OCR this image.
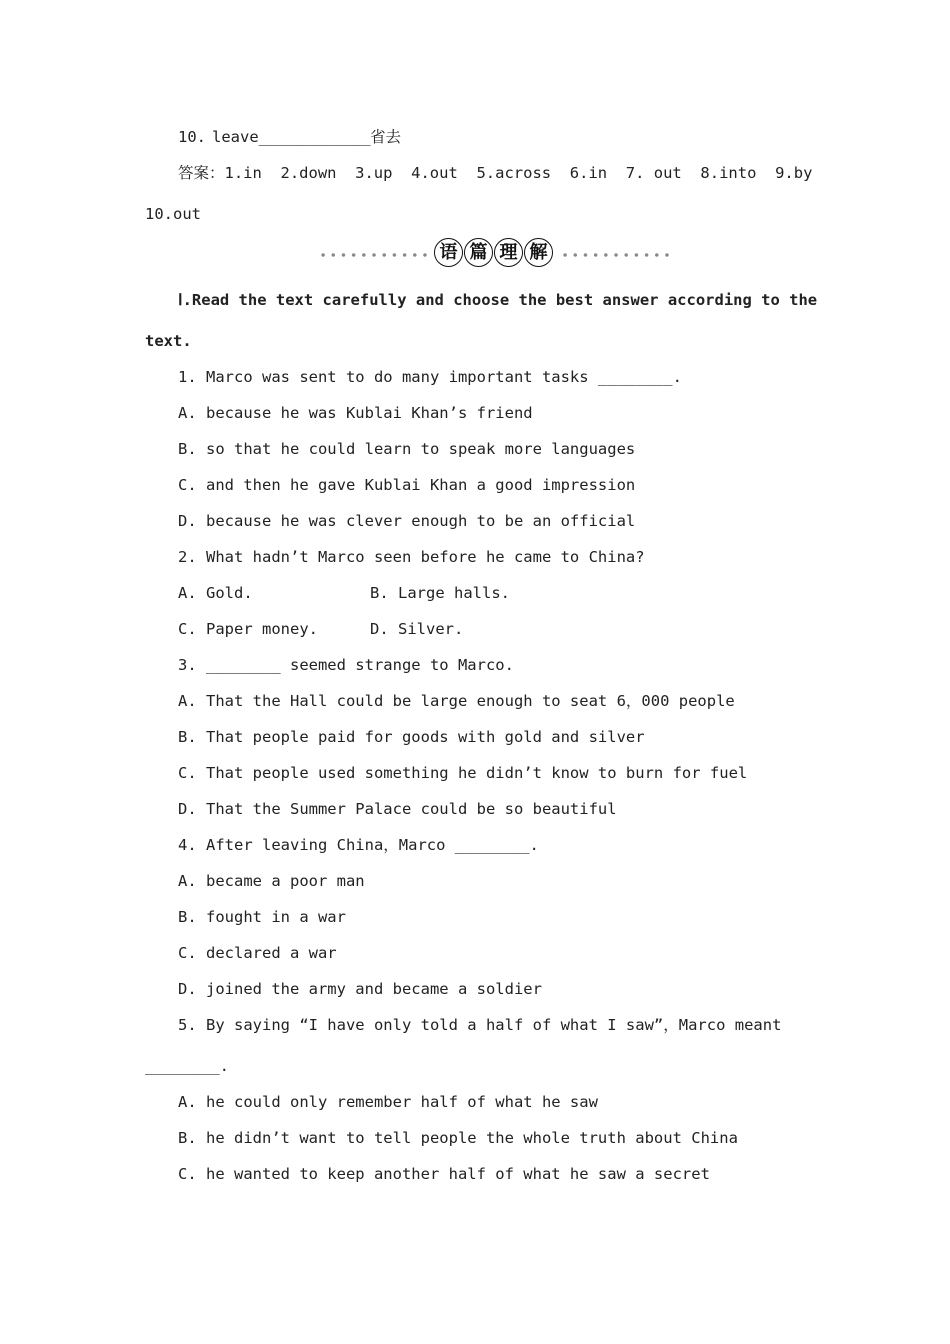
10. leave____________ 省去
答案：1.in  2.down  3.up  4.out  5.across  6.in  7. out  8.into  9.by
10.out
语 篇 理 解
Ⅰ.Read the text carefully and choose the best answer according to the
text.
1. Marco was sent to do many important tasks ________.
A. because he was Kublai Khan’s friend
B. so that he could learn to speak more languages
C. and then he gave Kublai Khan a good impression
D. because he was clever enough to be an official
2. What hadn’t Marco seen before he came to China?
A. Gold.	B. Large halls.
C. Paper money.	D. Silver.
3. ________ seemed strange to Marco.
A. That the Hall could be large enough to seat 6，000 people
B. That people paid for goods with gold and silver
C. That people used something he didn’t know to burn for fuel
D. That the Summer Palace could be so beautiful
4. After leaving China，Marco ________.
A. became a poor man
B. fought in a war
C. declared a war
D. joined the army and became a soldier
5. By saying “I have only told a half of what I saw”，Marco meant
________.
A. he could only remember half of what he saw
B. he didn’t want to tell people the whole truth about China
C. he wanted to keep another half of what he saw a secret
